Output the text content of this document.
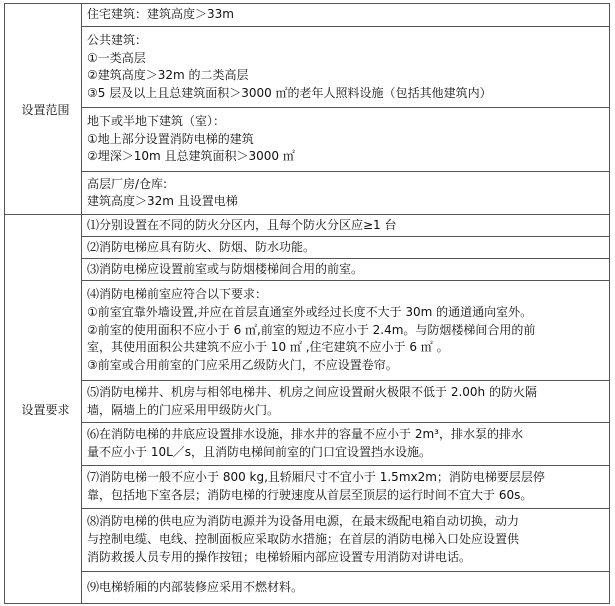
设置范围	住宅建筑：建筑高度＞33m

	公共建筑：
①一类高层
②建筑高度＞32m 的二类高层
③5 层及以上且总建筑面积＞3000 ㎡的老年人照料设施（包括其他建筑内）

	地下或半地下建筑（室）：
①地上部分设置消防电梯的建筑
②埋深＞10m 且总建筑面积＞3000 ㎡

	高层厂房/仓库:
建筑高度＞32m 且设置电梯

设置要求	⑴分别设置在不同的防火分区内，且每个防火分区应≥1 台

	⑵消防电梯应具有防火、防烟、防水功能。

	⑶消防电梯应设置前室或与防烟楼梯间合用的前室。

	⑷消防电梯前室应符合以下要求：
①前室宜靠外墙设置,并应在首层直通室外或经过长度不大于 30m 的通道通向室外。
②前室的使用面积不应小于 6 ㎡,前室的短边不应小于 2.4m。与防烟楼梯间合用的前
室，其使用面积公共建筑不应小于 10 ㎡ ,住宅建筑不应小于 6 ㎡ 。
③前室或合用前室的门应采用乙级防火门，不应设置卷帘。

	⑸消防电梯井、机房与相邻电梯井、机房之间应设置耐火极限不低于 2.00h 的防火隔
墙，隔墙上的门应采用甲级防火门。

	⑹在消防电梯的井底应设置排水设施，排水井的容量不应小于 2m³，排水泵的排水
量不应小于 10L／s，且消防电梯间前室的门口宜设置挡水设施。

	⑺消防电梯一般不应小于 800 kg,且轿厢尺寸不宜小于 1.5mx2m；消防电梯要层层停
靠，包括地下室各层；消防电梯的行驶速度从首层至顶层的运行时间不宜大于 60s。

	⑻消防电梯的供电应为消防电源并为设备用电源，在最末级配电箱自动切换，动力
与控制电缆、电线、控制面板应采取防水措施；在首层的消防电梯入口处应设置供
消防救援人员专用的操作按钮；电梯轿厢内部应设置专用消防对讲电话。

	⑼电梯轿厢的内部装修应采用不燃材料。
